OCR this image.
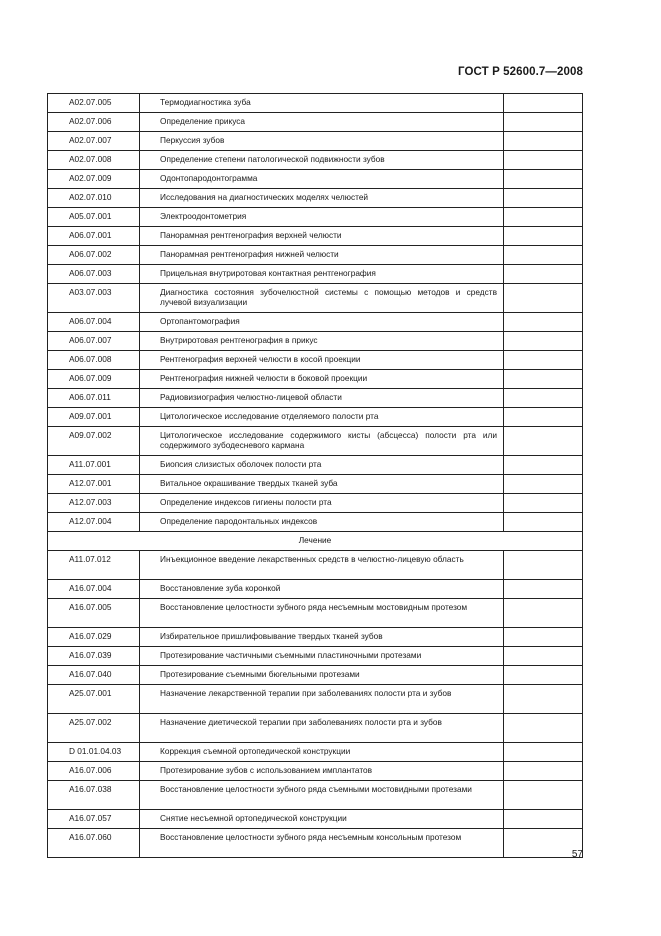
ГОСТ Р 52600.7—2008
A02.07.005	Термодиагностика зуба	
A02.07.006	Определение прикуса	
A02.07.007	Перкуссия зубов	
A02.07.008	Определение степени патологической подвижности зубов	
A02.07.009	Одонтопародонтограмма	
A02.07.010	Исследования на диагностических моделях челюстей	
A05.07.001	Электроодонтометрия	
A06.07.001	Панорамная рентгенография верхней челюсти	
A06.07.002	Панорамная рентгенография нижней челюсти	
A06.07.003	Прицельная внутриротовая контактная рентгенография	
A03.07.003	Диагностика состояния зубочелюстной системы с помощью методов и средств лучевой визуализации	
A06.07.004	Ортопантомография	
A06.07.007	Внутриротовая рентгенография в прикус	
A06.07.008	Рентгенография верхней челюсти в косой проекции	
A06.07.009	Рентгенография нижней челюсти в боковой проекции	
A06.07.011	Радиовизиография челюстно-лицевой области	
A09.07.001	Цитологическое исследование отделяемого полости рта	
A09.07.002	Цитологическое исследование содержимого кисты (абсцесса) полости рта или содержимого зубодесневого кармана	
A11.07.001	Биопсия слизистых оболочек полости рта	
A12.07.001	Витальное окрашивание твердых тканей зуба	
A12.07.003	Определение индексов гигиены полости рта	
A12.07.004	Определение пародонтальных индексов	
Лечение		
A11.07.012	Инъекционное введение лекарственных средств в челюстно-лицевую область	
A16.07.004	Восстановление зуба коронкой	
A16.07.005	Восстановление целостности зубного ряда несъемным мостовидным протезом	
A16.07.029	Избирательное пришлифовывание твердых тканей зубов	
A16.07.039	Протезирование частичными съемными пластиночными протезами	
A16.07.040	Протезирование съемными бюгельными протезами	
A25.07.001	Назначение лекарственной терапии при заболеваниях полости рта и зубов	
A25.07.002	Назначение диетической терапии при заболеваниях полости рта и зубов	
D 01.01.04.03	Коррекция съемной ортопедической конструкции	
A16.07.006	Протезирование зубов с использованием имплантатов	
A16.07.038	Восстановление целостности зубного ряда съемными мостовидными протезами	
A16.07.057	Снятие несъемной ортопедической конструкции	
A16.07.060	Восстановление целостности зубного ряда несъемным консольным протезом	
57
